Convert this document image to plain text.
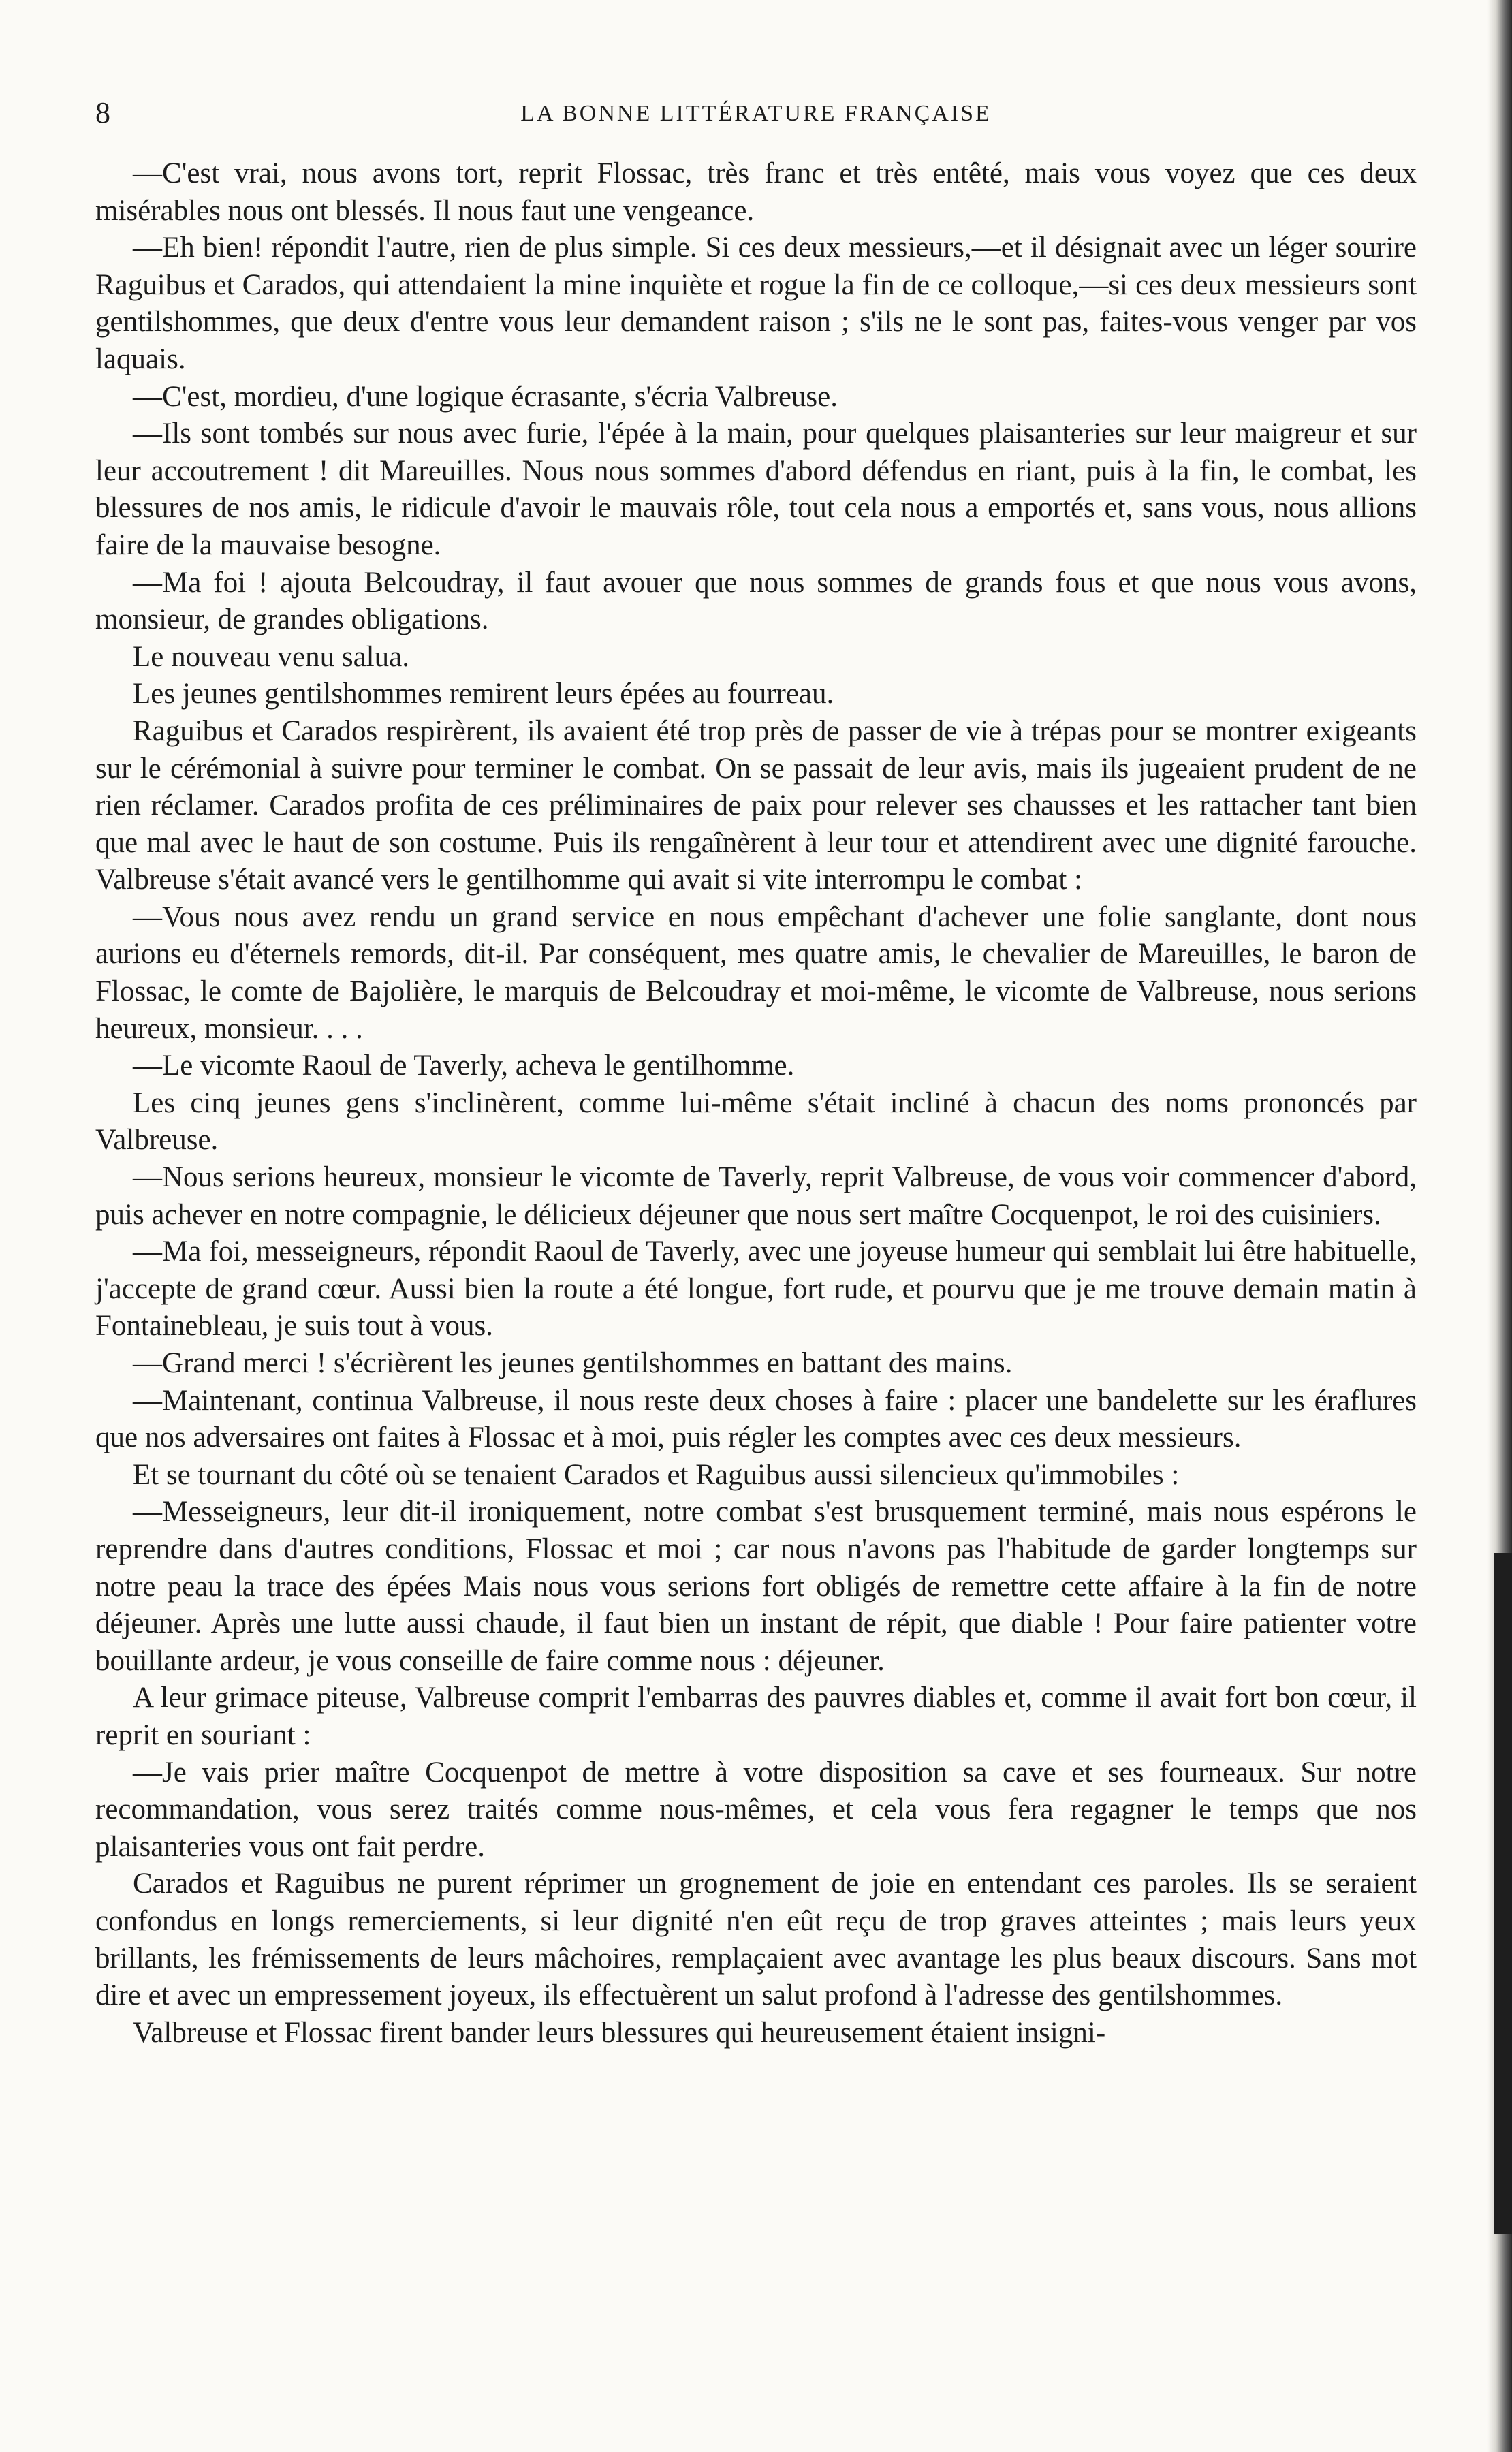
8	LA BONNE LITTÉRATURE FRANÇAISE

—C'est vrai, nous avons tort, reprit Flossac, très franc et très entêté, mais vous voyez que ces deux misérables nous ont blessés. Il nous faut une vengeance.

—Eh bien! répondit l'autre, rien de plus simple. Si ces deux messieurs,—et il désignait avec un léger sourire Raguibus et Carados, qui attendaient la mine inquiète et rogue la fin de ce colloque,—si ces deux messieurs sont gentilshommes, que deux d'entre vous leur demandent raison ; s'ils ne le sont pas, faites-vous venger par vos laquais.

—C'est, mordieu, d'une logique écrasante, s'écria Valbreuse.

—Ils sont tombés sur nous avec furie, l'épée à la main, pour quelques plaisanteries sur leur maigreur et sur leur accoutrement ! dit Mareuilles. Nous nous sommes d'abord défendus en riant, puis à la fin, le combat, les blessures de nos amis, le ridicule d'avoir le mauvais rôle, tout cela nous a emportés et, sans vous, nous allions faire de la mauvaise besogne.

—Ma foi ! ajouta Belcoudray, il faut avouer que nous sommes de grands fous et que nous vous avons, monsieur, de grandes obligations.

Le nouveau venu salua.

Les jeunes gentilshommes remirent leurs épées au fourreau.

Raguibus et Carados respirèrent, ils avaient été trop près de passer de vie à trépas pour se montrer exigeants sur le cérémonial à suivre pour terminer le combat. On se passait de leur avis, mais ils jugeaient prudent de ne rien réclamer. Carados profita de ces préliminaires de paix pour relever ses chausses et les rattacher tant bien que mal avec le haut de son costume. Puis ils rengaînèrent à leur tour et attendirent avec une dignité farouche. Valbreuse s'était avancé vers le gentilhomme qui avait si vite interrompu le combat :

—Vous nous avez rendu un grand service en nous empêchant d'achever une folie sanglante, dont nous aurions eu d'éternels remords, dit-il. Par conséquent, mes quatre amis, le chevalier de Mareuilles, le baron de Flossac, le comte de Bajolière, le marquis de Belcoudray et moi-même, le vicomte de Valbreuse, nous serions heureux, monsieur. . . .

—Le vicomte Raoul de Taverly, acheva le gentilhomme.

Les cinq jeunes gens s'inclinèrent, comme lui-même s'était incliné à chacun des noms prononcés par Valbreuse.

—Nous serions heureux, monsieur le vicomte de Taverly, reprit Valbreuse, de vous voir commencer d'abord, puis achever en notre compagnie, le délicieux déjeuner que nous sert maître Cocquenpot, le roi des cuisiniers.

—Ma foi, messeigneurs, répondit Raoul de Taverly, avec une joyeuse humeur qui semblait lui être habituelle, j'accepte de grand cœur. Aussi bien la route a été longue, fort rude, et pourvu que je me trouve demain matin à Fontainebleau, je suis tout à vous.

—Grand merci ! s'écrièrent les jeunes gentilshommes en battant des mains.

—Maintenant, continua Valbreuse, il nous reste deux choses à faire : placer une bandelette sur les éraflures que nos adversaires ont faites à Flossac et à moi, puis régler les comptes avec ces deux messieurs.

Et se tournant du côté où se tenaient Carados et Raguibus aussi silencieux qu'immobiles :

—Messeigneurs, leur dit-il ironiquement, notre combat s'est brusquement terminé, mais nous espérons le reprendre dans d'autres conditions, Flossac et moi ; car nous n'avons pas l'habitude de garder longtemps sur notre peau la trace des épées Mais nous vous serions fort obligés de remettre cette affaire à la fin de notre déjeuner. Après une lutte aussi chaude, il faut bien un instant de répit, que diable ! Pour faire patienter votre bouillante ardeur, je vous conseille de faire comme nous : déjeuner.

A leur grimace piteuse, Valbreuse comprit l'embarras des pauvres diables et, comme il avait fort bon cœur, il reprit en souriant :

—Je vais prier maître Cocquenpot de mettre à votre disposition sa cave et ses fourneaux. Sur notre recommandation, vous serez traités comme nous-mêmes, et cela vous fera regagner le temps que nos plaisanteries vous ont fait perdre.

Carados et Raguibus ne purent réprimer un grognement de joie en entendant ces paroles. Ils se seraient confondus en longs remerciements, si leur dignité n'en eût reçu de trop graves atteintes ; mais leurs yeux brillants, les frémissements de leurs mâchoires, remplaçaient avec avantage les plus beaux discours. Sans mot dire et avec un empressement joyeux, ils effectuèrent un salut profond à l'adresse des gentilshommes.

Valbreuse et Flossac firent bander leurs blessures qui heureusement étaient insigni-
